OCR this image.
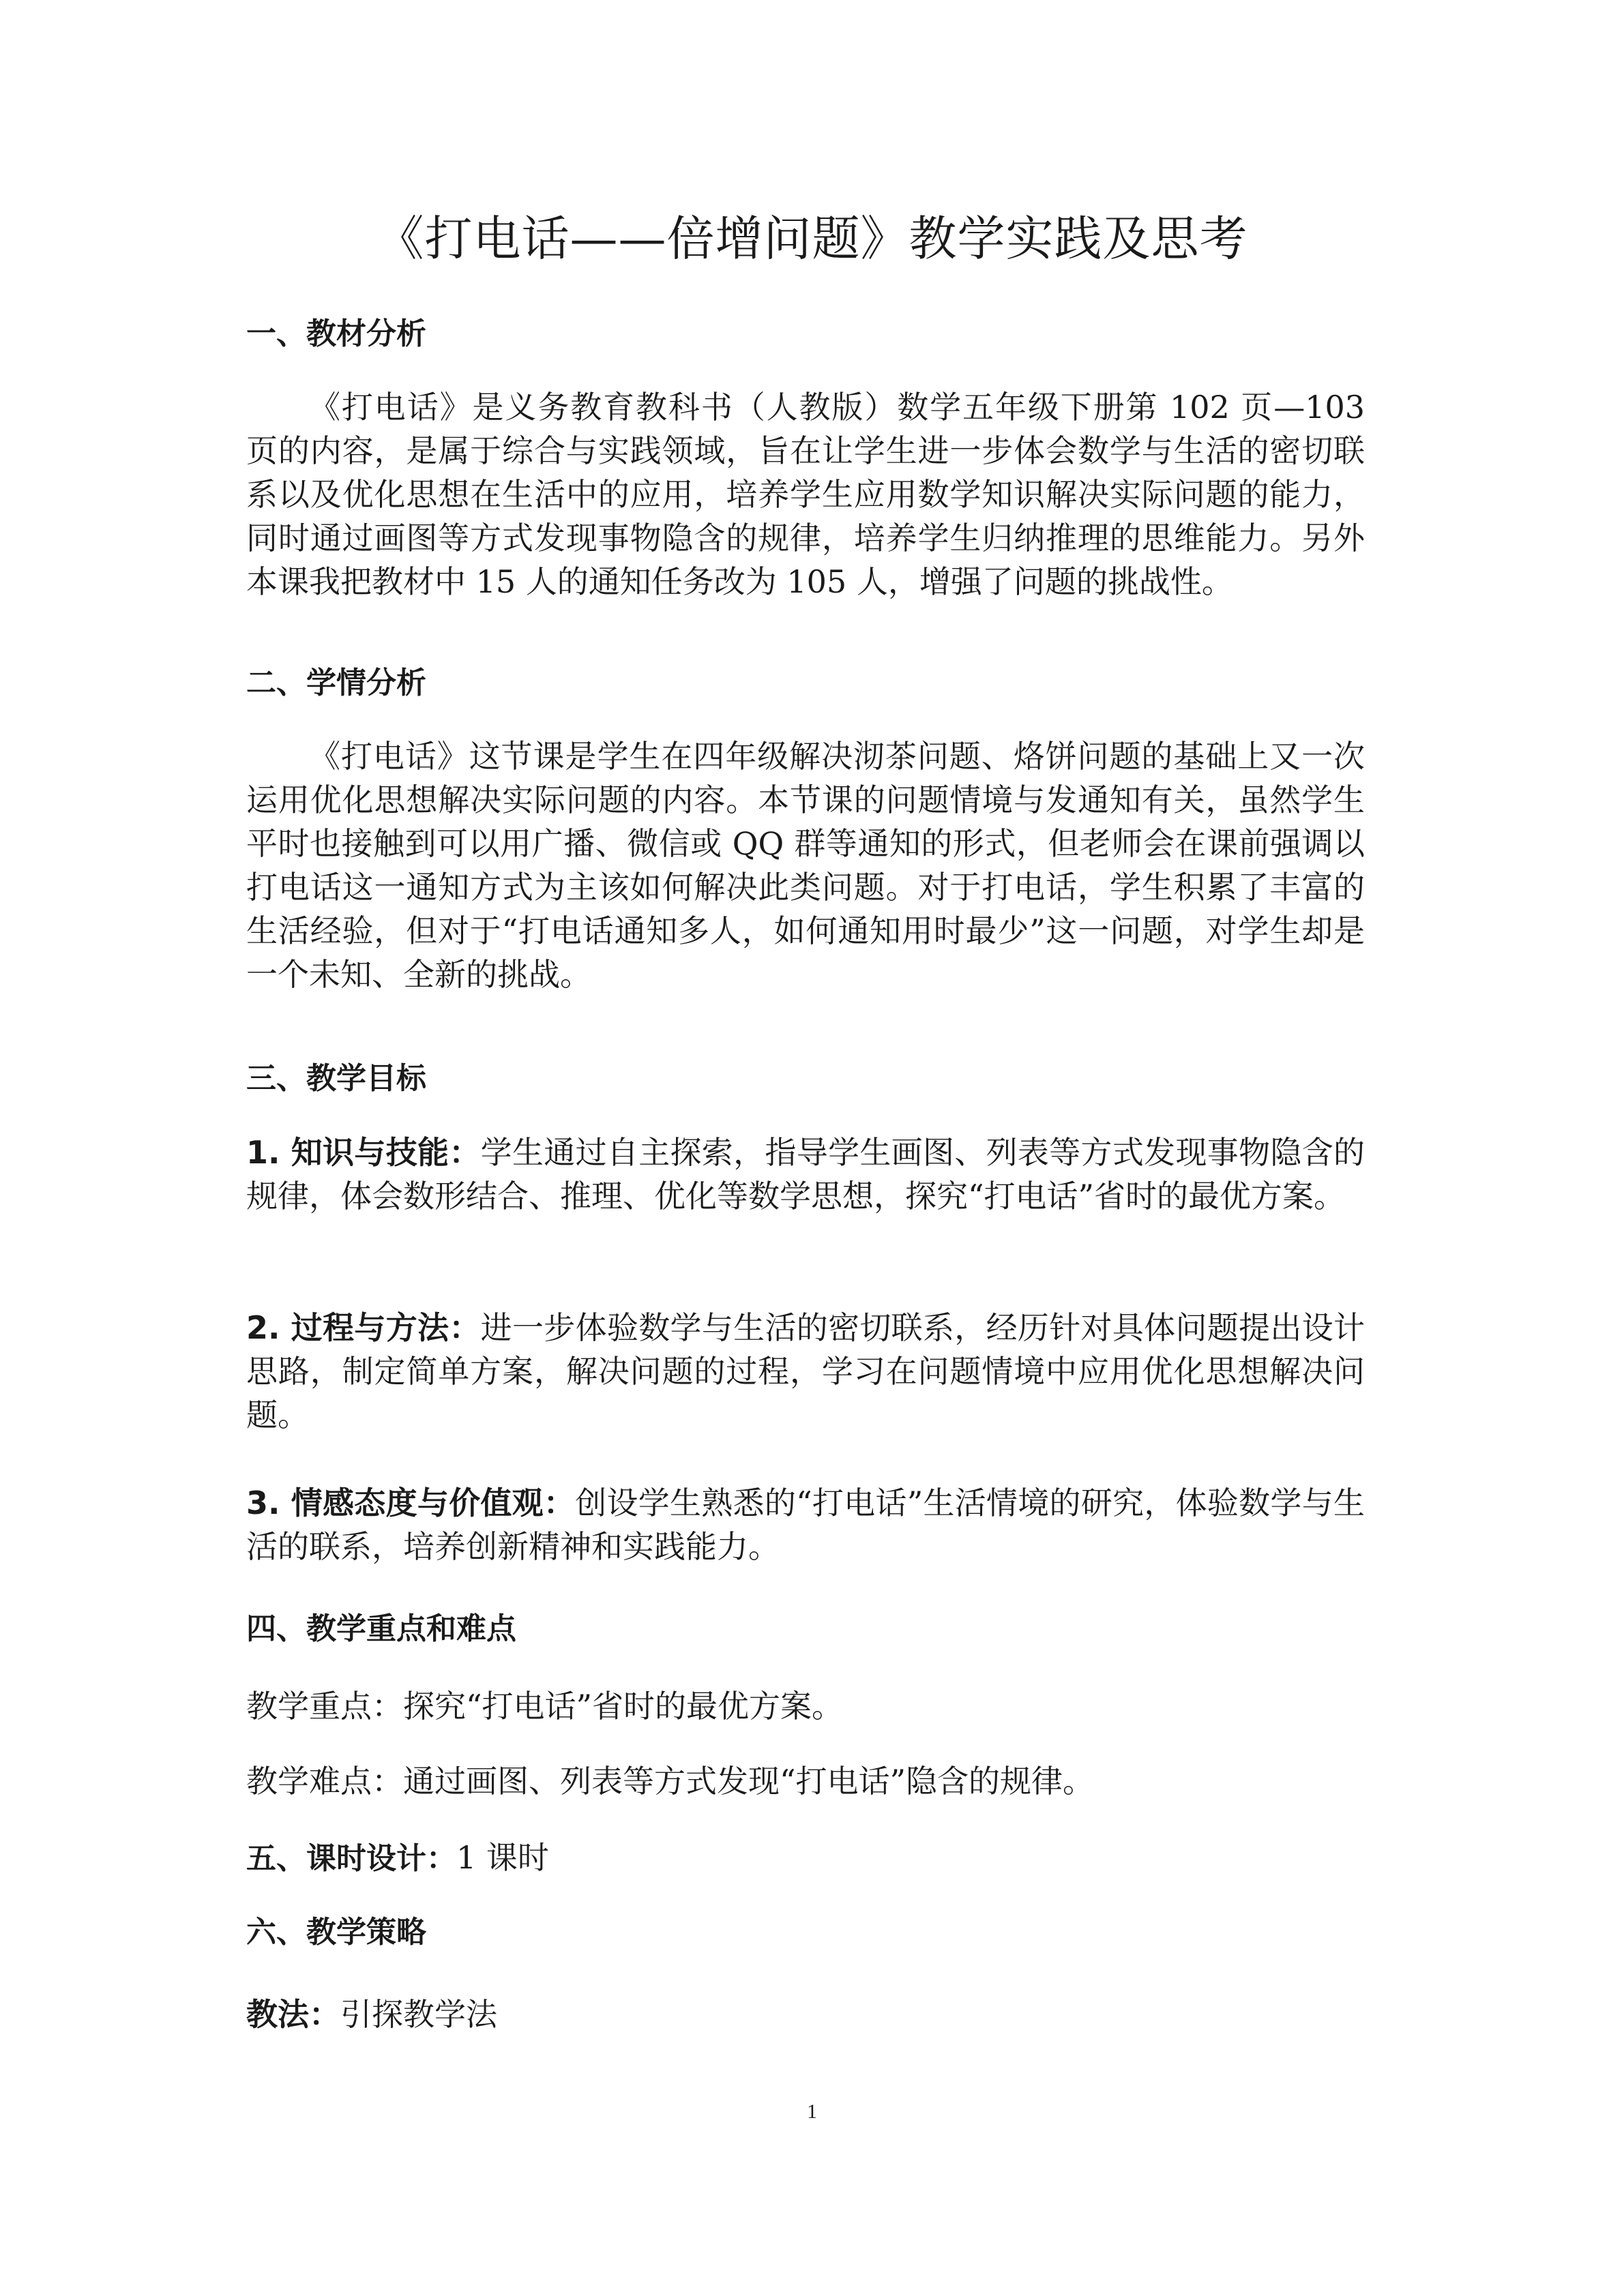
《打电话——倍增问题》教学实践及思考
一、教材分析
《打电话》是义务教育教科书（人教版）数学五年级下册第 102 页—103 页的内容，是属于综合与实践领域，旨在让学生进一步体会数学与生活的密切联系以及优化思想在生活中的应用，培养学生应用数学知识解决实际问题的能力，同时通过画图等方式发现事物隐含的规律，培养学生归纳推理的思维能力。另外本课我把教材中 15 人的通知任务改为 105 人，增强了问题的挑战性。
二、学情分析
《打电话》这节课是学生在四年级解决沏茶问题、烙饼问题的基础上又一次运用优化思想解决实际问题的内容。本节课的问题情境与发通知有关，虽然学生平时也接触到可以用广播、微信或 QQ 群等通知的形式，但老师会在课前强调以打电话这一通知方式为主该如何解决此类问题。对于打电话，学生积累了丰富的生活经验，但对于“打电话通知多人，如何通知用时最少”这一问题，对学生却是一个未知、全新的挑战。
三、教学目标
1. 知识与技能：学生通过自主探索，指导学生画图、列表等方式发现事物隐含的规律，体会数形结合、推理、优化等数学思想，探究“打电话”省时的最优方案。
2. 过程与方法：进一步体验数学与生活的密切联系，经历针对具体问题提出设计思路，制定简单方案，解决问题的过程，学习在问题情境中应用优化思想解决问题。
3. 情感态度与价值观：创设学生熟悉的“打电话”生活情境的研究，体验数学与生活的联系，培养创新精神和实践能力。
四、教学重点和难点
教学重点：探究“打电话”省时的最优方案。
教学难点：通过画图、列表等方式发现“打电话”隐含的规律。
五、课时设计：1 课时
六、教学策略
教法：引探教学法
1
